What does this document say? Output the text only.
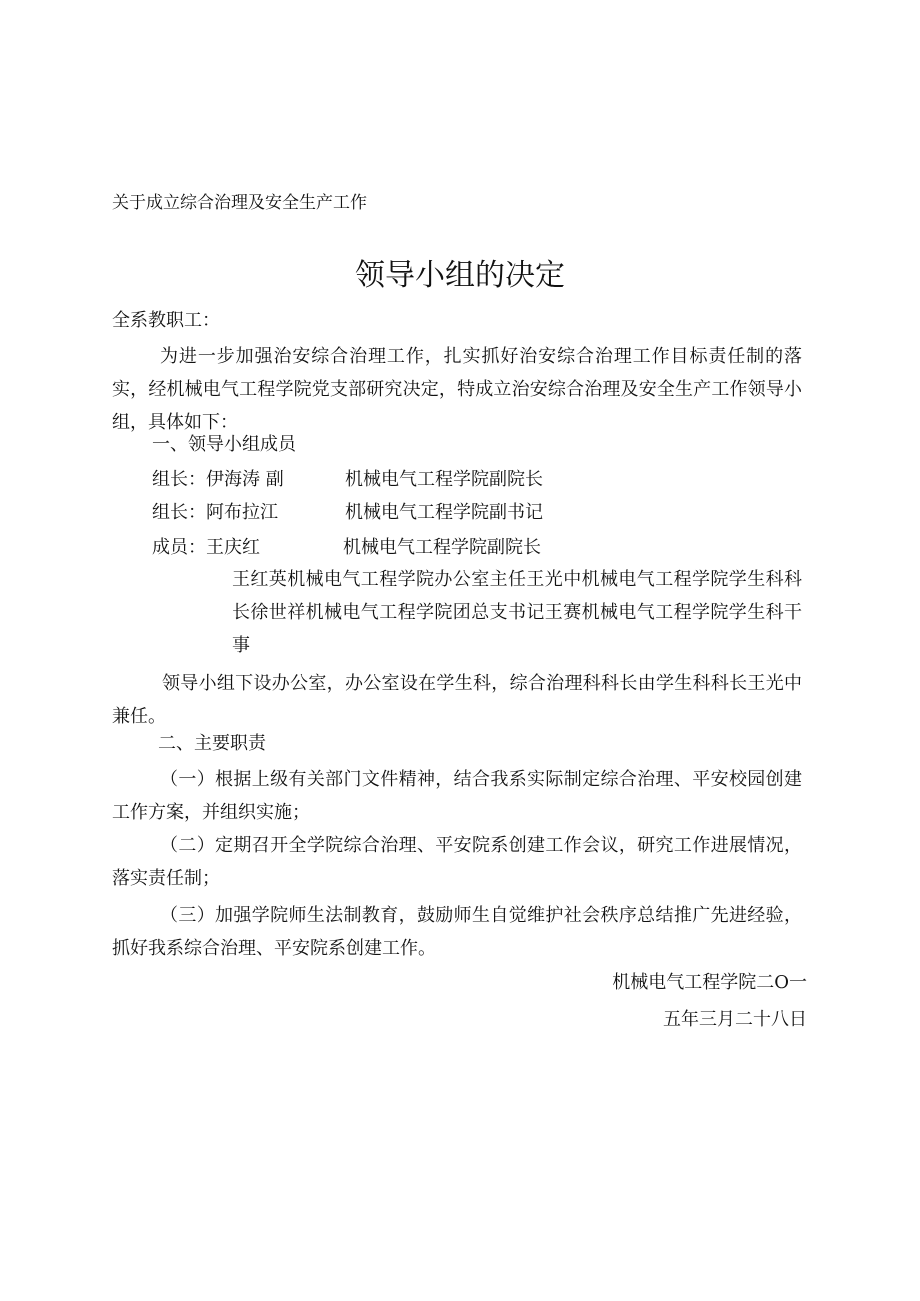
关于成立综合治理及安全生产工作
领导小组的决定
全系教职工：
为进一步加强治安综合治理工作，扎实抓好治安综合治理工作目标责任制的落实，经机械电气工程学院党支部研究决定，特成立治安综合治理及安全生产工作领导小组，具体如下：
一、领导小组成员
组长：伊海涛 副	机械电气工程学院副院长
组长：阿布拉江	机械电气工程学院副书记
成员：王庆红	机械电气工程学院副院长
王红英机械电气工程学院办公室主任王光中机械电气工程学院学生科科长徐世祥机械电气工程学院团总支书记王赛机械电气工程学院学生科干事
领导小组下设办公室，办公室设在学生科，综合治理科科长由学生科科长王光中兼任。
二、主要职责
（一）根据上级有关部门文件精神，结合我系实际制定综合治理、平安校园创建工作方案，并组织实施；
（二）定期召开全学院综合治理、平安院系创建工作会议，研究工作进展情况，落实责任制；
（三）加强学院师生法制教育，鼓励师生自觉维护社会秩序总结推广先进经验，抓好我系综合治理、平安院系创建工作。
机械电气工程学院二O一
五年三月二十八日
